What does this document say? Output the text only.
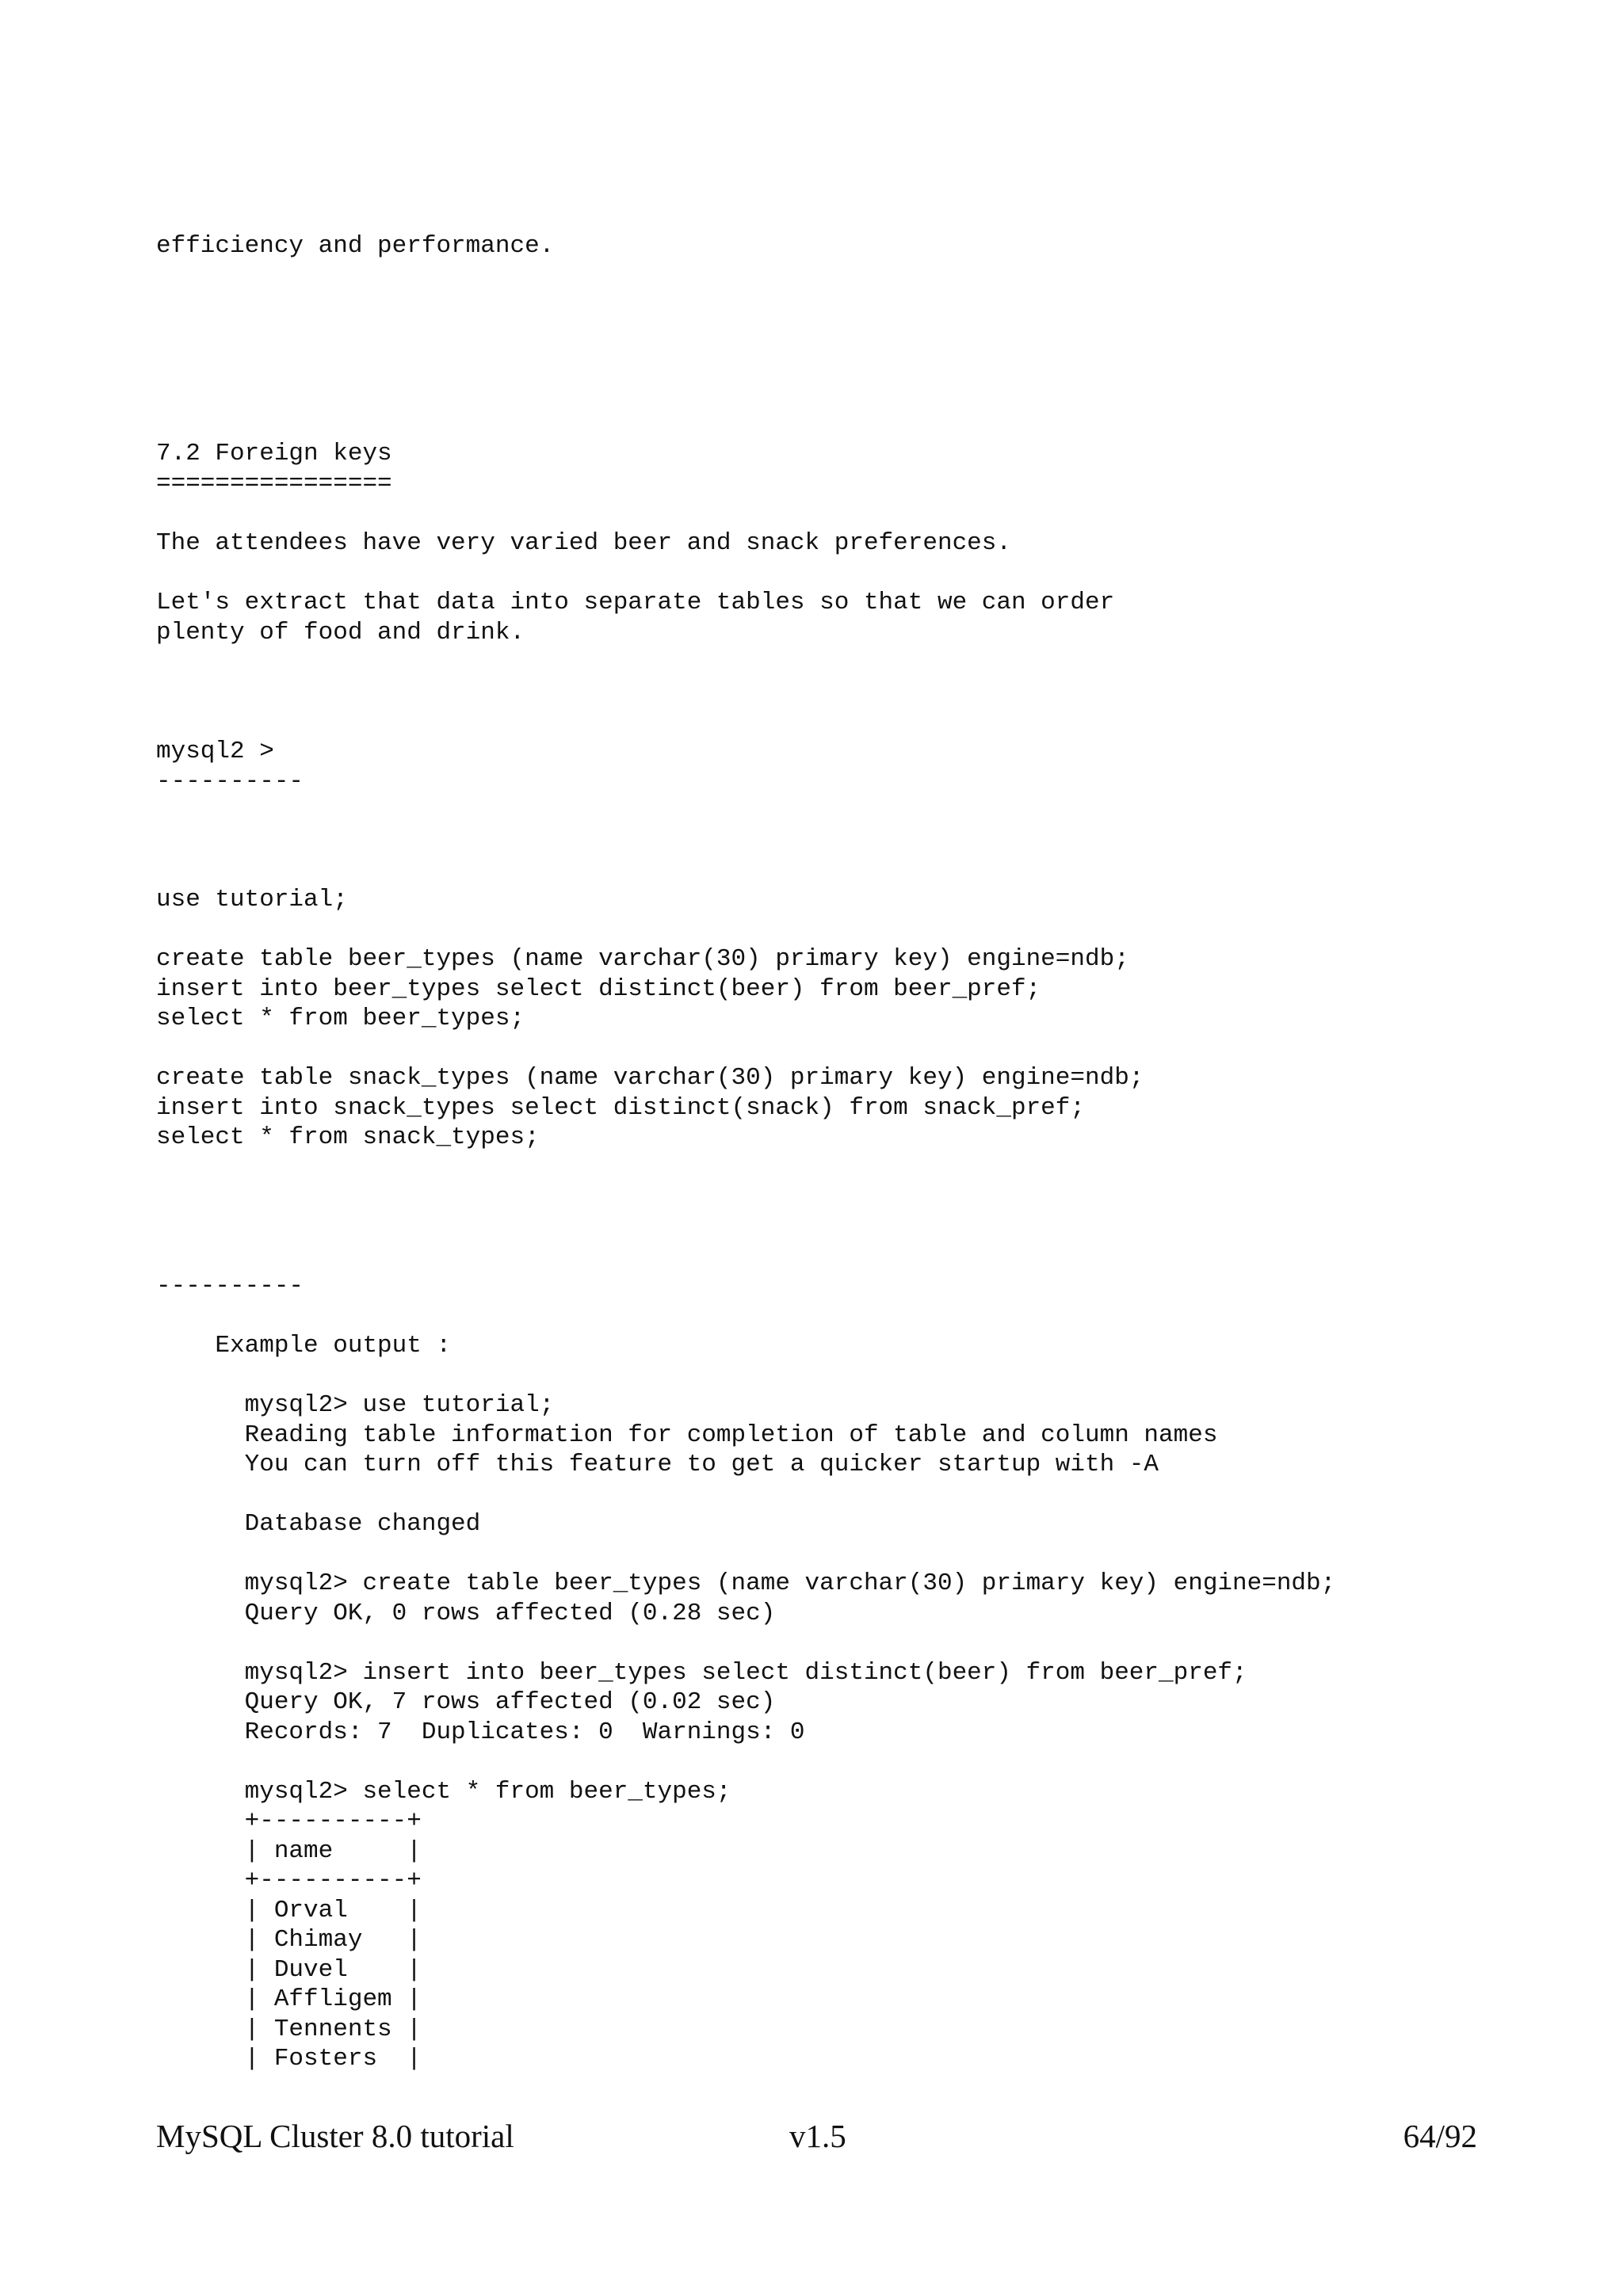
efficiency and performance.
7.2 Foreign keys
================
The attendees have very varied beer and snack preferences.
Let's extract that data into separate tables so that we can order
plenty of food and drink.
mysql2 >
----------
use tutorial;

create table beer_types (name varchar(30) primary key) engine=ndb;
insert into beer_types select distinct(beer) from beer_pref;
select * from beer_types;

create table snack_types (name varchar(30) primary key) engine=ndb;
insert into snack_types select distinct(snack) from snack_pref;
select * from snack_types;
----------
Example output :
mysql2> use tutorial;
Reading table information for completion of table and column names
You can turn off this feature to get a quicker startup with -A

Database changed

mysql2> create table beer_types (name varchar(30) primary key) engine=ndb;
Query OK, 0 rows affected (0.28 sec)

mysql2> insert into beer_types select distinct(beer) from beer_pref;
Query OK, 7 rows affected (0.02 sec)
Records: 7  Duplicates: 0  Warnings: 0

mysql2> select * from beer_types;
+----------+
| name     |
+----------+
| Orval    |
| Chimay   |
| Duvel    |
| Affligem |
| Tennents |
| Fosters  |
MySQL Cluster 8.0 tutorial	v1.5	64/92
